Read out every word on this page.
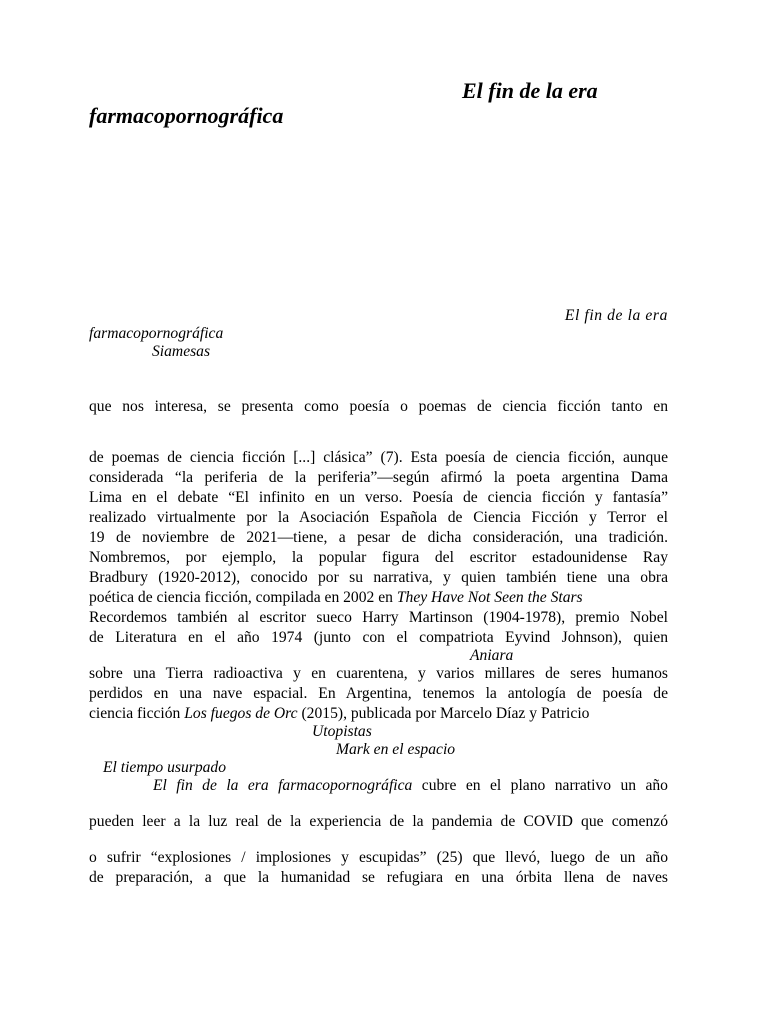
El fin de la era
farmacopornográfica
El fin de la era
farmacopornográfica
Siamesas
que nos interesa, se presenta como poesía o poemas de ciencia ficción tanto en
de poemas de ciencia ficción [...] clásica” (7). Esta poesía de ciencia ficción, aunque
considerada “la periferia de la periferia”—según afirmó la poeta argentina Dama
Lima en el debate “El infinito en un verso. Poesía de ciencia ficción y fantasía”
realizado virtualmente por la Asociación Española de Ciencia Ficción y Terror el
19 de noviembre de 2021—tiene, a pesar de dicha consideración, una tradición.
Nombremos, por ejemplo, la popular figura del escritor estadounidense Ray
Bradbury (1920-2012), conocido por su narrativa, y quien también tiene una obra
poética de ciencia ficción, compilada en 2002 en They Have Not Seen the Stars
Recordemos también al escritor sueco Harry Martinson (1904-1978), premio Nobel
de Literatura en el año 1974 (junto con el compatriota Eyvind Johnson), quien
Aniara
sobre una Tierra radioactiva y en cuarentena, y varios millares de seres humanos
perdidos en una nave espacial. En Argentina, tenemos la antología de poesía de
ciencia ficción Los fuegos de Orc (2015), publicada por Marcelo Díaz y Patricio
Utopistas
Mark en el espacio
El tiempo usurpado
El fin de la era farmacopornográfica cubre en el plano narrativo un año
pueden leer a la luz real de la experiencia de la pandemia de COVID que comenzó
o sufrir “explosiones / implosiones y escupidas” (25) que llevó, luego de un año
de preparación, a que la humanidad se refugiara en una órbita llena de naves
